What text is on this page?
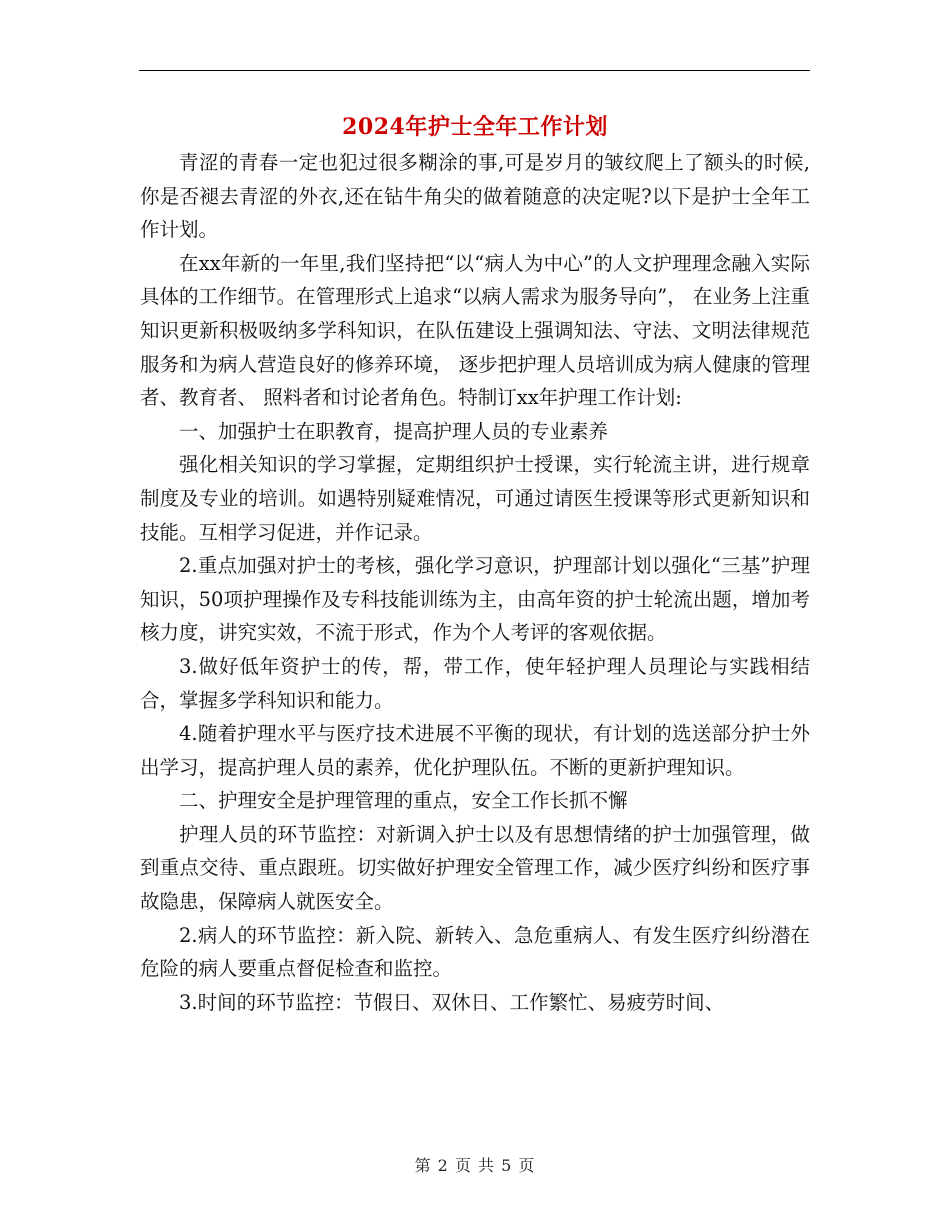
2024年护士全年工作计划

青涩的青春一定也犯过很多糊涂的事,可是岁月的皱纹爬上了额头的时候,你是否褪去青涩的外衣,还在钻牛角尖的做着随意的决定呢?以下是护士全年工作计划。

在xx年新的一年里,我们坚持把“以“病人为中心”的人文护理理念融入实际具体的工作细节。在管理形式上追求“以病人需求为服务导向”， 在业务上注重知识更新积极吸纳多学科知识，在队伍建设上强调知法、守法、文明法律规范服务和为病人营造良好的修养环境， 逐步把护理人员培训成为病人健康的管理者、教育者、 照料者和讨论者角色。特制订xx年护理工作计划:

一、加强护士在职教育，提高护理人员的专业素养

强化相关知识的学习掌握，定期组织护士授课，实行轮流主讲，进行规章制度及专业的培训。如遇特别疑难情况，可通过请医生授课等形式更新知识和技能。互相学习促进，并作记录。

2.重点加强对护士的考核，强化学习意识，护理部计划以强化“三基”护理知识，50项护理操作及专科技能训练为主，由高年资的护士轮流出题，增加考核力度，讲究实效，不流于形式，作为个人考评的客观依据。

3.做好低年资护士的传，帮，带工作，使年轻护理人员理论与实践相结合，掌握多学科知识和能力。

4.随着护理水平与医疗技术进展不平衡的现状，有计划的选送部分护士外出学习，提高护理人员的素养，优化护理队伍。不断的更新护理知识。

二、护理安全是护理管理的重点，安全工作长抓不懈

护理人员的环节监控：对新调入护士以及有思想情绪的护士加强管理，做到重点交待、重点跟班。切实做好护理安全管理工作，减少医疗纠纷和医疗事故隐患，保障病人就医安全。

2.病人的环节监控：新入院、新转入、急危重病人、有发生医疗纠纷潜在危险的病人要重点督促检查和监控。

3.时间的环节监控：节假日、双休日、工作繁忙、易疲劳时间、

第 2 页 共 5 页
